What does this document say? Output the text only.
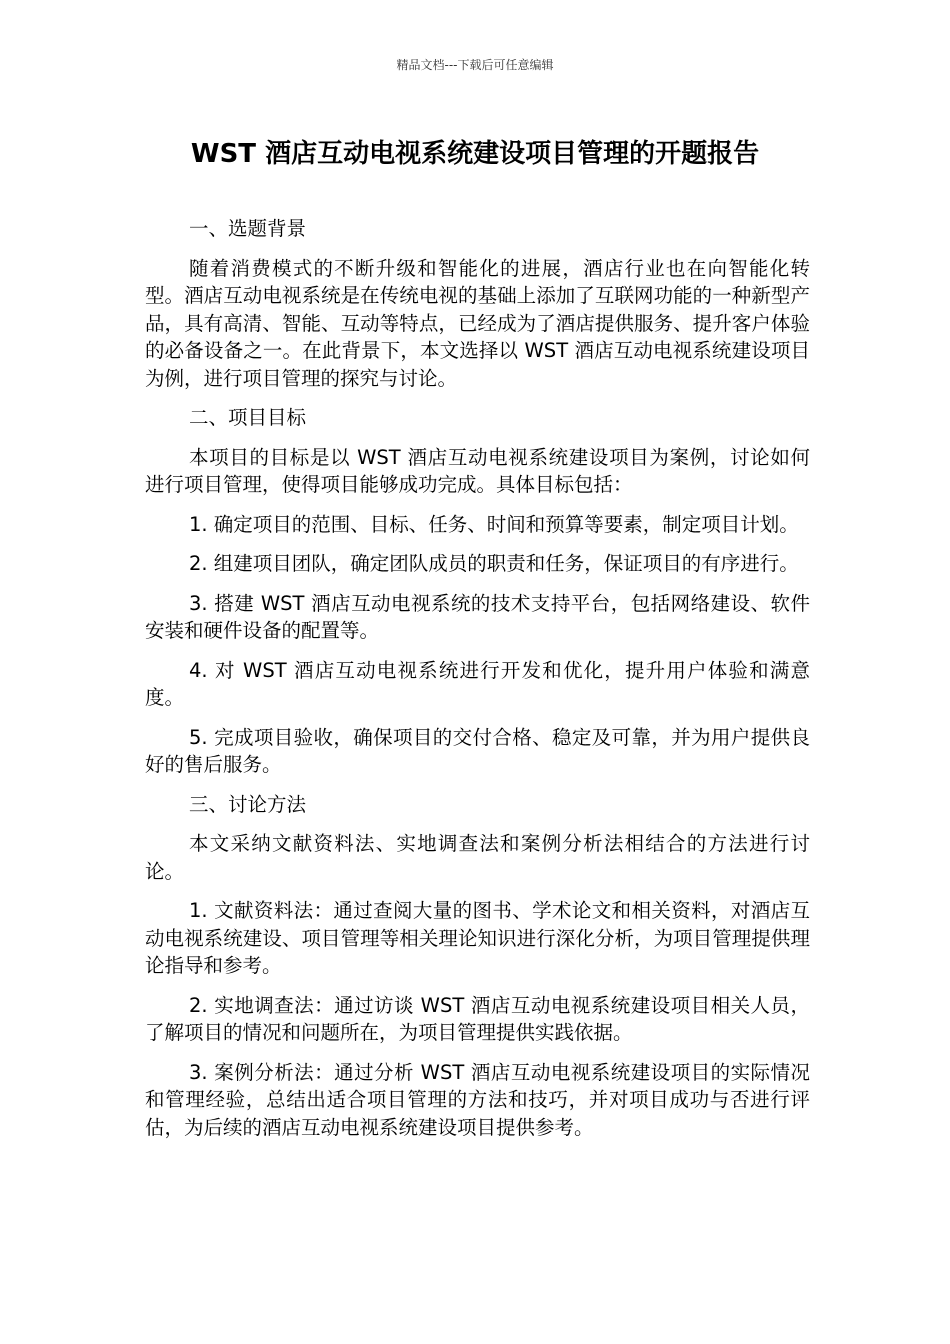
精品文档---下载后可任意编辑
WST 酒店互动电视系统建设项目管理的开题报告

一、选题背景

随着消费模式的不断升级和智能化的进展，酒店行业也在向智能化转型。酒店互动电视系统是在传统电视的基础上添加了互联网功能的一种新型产品，具有高清、智能、互动等特点，已经成为了酒店提供服务、提升客户体验的必备设备之一。在此背景下，本文选择以 WST 酒店互动电视系统建设项目为例，进行项目管理的探究与讨论。

二、项目目标

本项目的目标是以 WST 酒店互动电视系统建设项目为案例，讨论如何进行项目管理，使得项目能够成功完成。具体目标包括：

1. 确定项目的范围、目标、任务、时间和预算等要素，制定项目计划。

2. 组建项目团队，确定团队成员的职责和任务，保证项目的有序进行。

3. 搭建 WST 酒店互动电视系统的技术支持平台，包括网络建设、软件安装和硬件设备的配置等。

4. 对 WST 酒店互动电视系统进行开发和优化，提升用户体验和满意度。

5. 完成项目验收，确保项目的交付合格、稳定及可靠，并为用户提供良好的售后服务。

三、讨论方法

本文采纳文献资料法、实地调查法和案例分析法相结合的方法进行讨论。

1. 文献资料法：通过查阅大量的图书、学术论文和相关资料，对酒店互动电视系统建设、项目管理等相关理论知识进行深化分析，为项目管理提供理论指导和参考。

2. 实地调查法：通过访谈 WST 酒店互动电视系统建设项目相关人员，了解项目的情况和问题所在，为项目管理提供实践依据。

3. 案例分析法：通过分析 WST 酒店互动电视系统建设项目的实际情况和管理经验，总结出适合项目管理的方法和技巧，并对项目成功与否进行评估，为后续的酒店互动电视系统建设项目提供参考。
